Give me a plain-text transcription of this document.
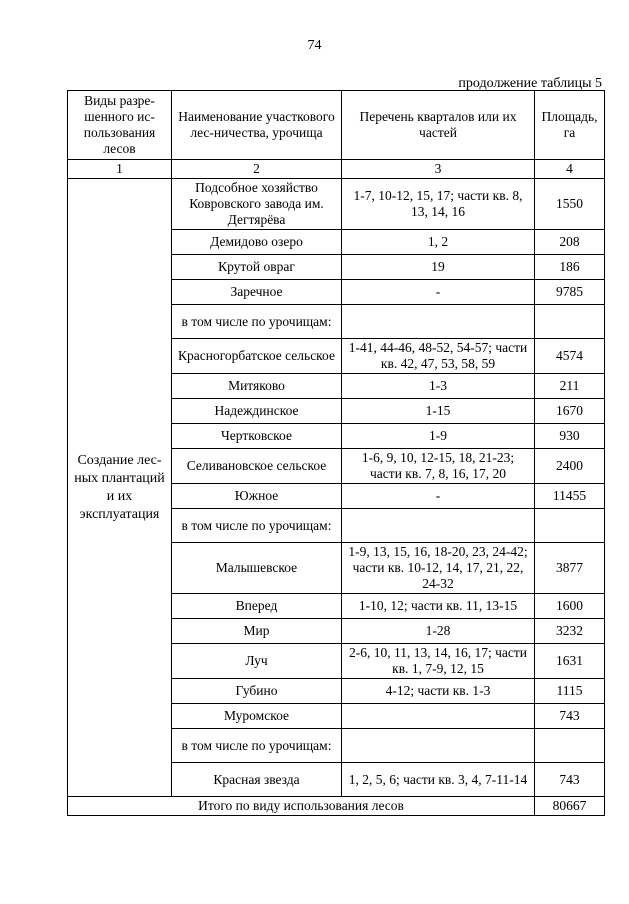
74
продолжение таблицы 5
Виды разре-шенного ис-пользования лесов	Наименование участкового лес-ничества, урочища	Перечень кварталов или их частей	Площадь, га
1	2	3	4
Создание лес-ных плантаций и их эксплуатация	Подсобное хозяйство Ковровского завода им. Дегтярёва	1-7, 10-12, 15, 17; части кв. 8, 13, 14, 16	1550
	Демидово озеро	1, 2	208
	Крутой овраг	19	186
	Заречное	-	9785
	в том числе по урочищам:		
	Красногорбатское сельское	1-41, 44-46, 48-52, 54-57; части кв. 42, 47, 53, 58, 59	4574
	Митяково	1-3	211
	Надеждинское	1-15	1670
	Чертковское	1-9	930
	Селивановское сельское	1-6, 9, 10, 12-15, 18, 21-23; части кв. 7, 8, 16, 17, 20	2400
	Южное	-	11455
	в том числе по урочищам:		
	Малышевское	1-9, 13, 15, 16, 18-20, 23, 24-42; части кв. 10-12, 14, 17, 21, 22, 24-32	3877
	Вперед	1-10, 12; части кв. 11, 13-15	1600
	Мир	1-28	3232
	Луч	2-6, 10, 11, 13, 14, 16, 17; части кв. 1, 7-9, 12, 15	1631
	Губино	4-12; части кв. 1-3	1115
	Муромское		743
	в том числе по урочищам:		
	Красная звезда	1, 2, 5, 6; части кв. 3, 4, 7-11-14	743
Итого по виду использования лесов			80667
